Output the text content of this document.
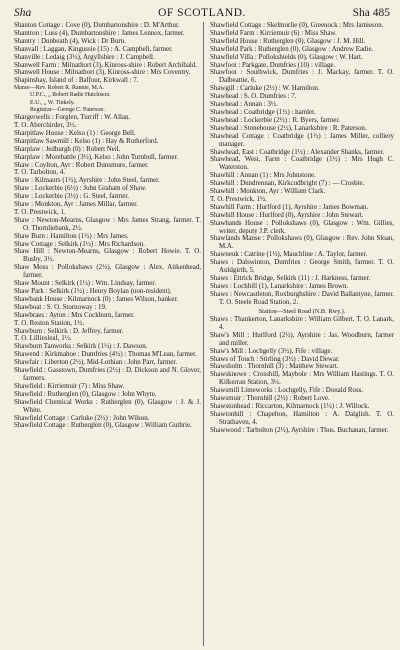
Sha	OF SCOTLAND.	Sha 485
Shanton Cottage : Cove (0), Dumbartonshire : D. M'Arthur.
Shantron : Luss (4), Dumbartonshire : James Lennox, farmer.
Shantry : Dunbeath (4), Wick : Dr Burn.
Shanvall : Laggan, Kingussie (15) : A. Campbell, farmer.
Shanville : Ledaig (3½), Argyllshire : J. Campbell.
Shanwell Farm : Milnathort (3), Kinross-shire : Robert Archibald.
Shanwell House : Milnathort (3), Kinross-shire : Mrs Coventry.
Shapinshay, Island of : Balfour, Kirkwall : 7.
Manse—Rev. Robert R. Rannie, M.A.
U.P.C., „ Robert Radie Hutchison.
E.U., „ W. Tinkely.
Registrar—George C. Paterson.
Shargerwells : Forglen, Turriff : W. Allan.
T. O. Aberchirder, 3½.
Sharpitlaw House : Kelso (1) : George Bell.
Sharpitlaw Sawmill : Kelso (1) : Hay & Rutherford.
Sharplaw : Jedburgh (0) : Robert Neil.
Sharplaw : Morebattle (3½), Kelso : John Turnbull, farmer.
Shaw : Coylton, Ayr : Robert Dunsmure, farmer.
T. O. Tarbolton, 4.
Shaw : Kilmaurs (1½), Ayrshire : John Steel, farmer.
Shaw : Lockerbie (6½) : John Graham of Shaw.
Shaw : Lockerbie (3½) : G. Steel, farmer.
Shaw : Monkton, Ayr : James Millar, farmer.
T. O. Prestwick, 1.
Shaw : Newton-Mearns, Glasgow : Mrs James Strang, farmer. T. O. Thornliebank, 2½.
Shaw Burn : Hamilton (1½) : Mrs James.
Shaw Cottage : Selkirk (1½) : Mrs Richardson.
Shaw Hill : Newton-Mearns, Glasgow : Robert Howie. T. O. Busby, 3½.
Shaw Moss : Pollokshaws (2½), Glasgow : Alex. Aitkenhead, farmer.
Shaw Mount : Selkirk (1½) : Wm. Lindsay, farmer.
Shaw Park : Selkirk (1½) : Henry Boylan (non-resident).
Shawbank House : Kilmarnock (0) : James Wilson, banker.
Shawboat : S. O. Stornoway : 19.
Shawbraes : Ayton : Mrs Cockburn, farmer.
T. O. Reston Station, 1½.
Shawburn : Selkirk : D. Jeffrey, farmer.
T. O. Lilliesleaf, 1½.
Shawburn Tanworks : Selkirk (1½) : J. Dawson.
Shawend : Kirkmahoe : Dumfries (4½) : Thomas M'Lean, farmer.
Shawfair : Liberton (2½), Mid-Lothian : John Parr, farmer.
Shawfield : Gasstown, Dumfries (2½) : D. Dickson and N. Glover, farmers.
Shawfield : Kirriemuir (7) : Miss Shaw.
Shawfield : Rutherglen (0), Glasgow : John Whyte.
Shawfield Chemical Works : Rutherglen (0), Glasgow : J. & J. White.
Shawfield Cottage : Carluke (2½) : John Wilson.
Shawfield Cottage : Rutherglen (0), Glasgow : William Guthrie.
Shawfield Cottage : Skelmorlie (0), Greenock : Mrs Jamieson.
Shawfield Farm : Kirriemuir (6) : Miss Shaw.
Shawfield House : Rutherglen (0), Glasgow : J. M. Hill.
Shawfield Park : Rutherglen (0), Glasgow : Andrew Eadie.
Shawfield Villa : Pollokshields (0), Glasgow : W. Hart.
Shawfoot : Parkgate, Dumfries (10) : village.
Shawfoot : Southwick, Dumfries : J. Mackay, farmer. T. O. Dalbeattie, 6.
Shawgill : Carluke (2½) : W. Hamilton.
Shawhead : S. O. Dumfries : 7.
Shawhead : Annan : 3½.
Shawhead : Coatbridge (1½) : hamlet.
Shawhead : Lockerbie (2½) : R. Byers, farmer.
Shawhead : Stonehouse (2½), Lanarkshire : R. Paterson.
Shawhead Cottage : Coatbridge (1½) : James Miller, colliery manager.
Shawhead, East : Coatbridge (1½) : Alexander Shanks, farmer.
Shawhead, West, Farm : Coatbridge (1½) : Mrs Hugh C. Waterston.
Shawhill : Annan (1) : Mrs Johnstone.
Shawhill : Dundrennan, Kirkcudbright (7) : — Crosbie.
Shawhill : Monkton, Ayr : William Clark.
T. O. Prestwick, 1½.
Shawhill Farm : Hurlford (1), Ayrshire : James Bowman.
Shawhill House : Hurlford (0), Ayrshire : John Stewart.
Shawhands House : Pollokshaws (0), Glasgow : Wm. Gillies, writer, deputy J.P. clerk.
Shawlands Manse : Pollokshaws (0), Glasgow : Rev. John Sloan, M.A.
Shawneuk : Catrine (1½), Mauchline : A. Taylor, farmer.
Shaws : Dalswinton, Dumfries : George Smith, farmer. T. O. Auldgirth, 5.
Shaws : Ettrick Bridge, Selkirk (11) : J. Harkness, farmer.
Shaws : Lochhill (1), Lanarkshire : James Brown.
Shaws : Newcastleton, Roxburghshire : David Ballantyne, farmer. T. O. Steele Road Station, 2.
Station—Steel Road (N.B. Rwy.).
Shaws : Thankerton, Lanarkshire : William Gilbert. T. O. Lanark, 4.
Shaw's Mill : Hurlford (2½), Ayrshire : Jas. Woodburn, farmer and miller.
Shaw's Mill : Lochgelly (3½), Fife : village.
Shaws of Touch : Stirling (3½) : David Dewar.
Shawsholm : Thornhill (3) : Matthew Stewart.
Shawsknowe : Crosshill, Maybole : Mrs William Hastings. T. O. Kilkerran Station, 3½.
Shawsmill Limeworks : Lochgelly, Fife : Donald Ross.
Shawsmuir : Thornhill (2½) : Robert Love.
Shawstonhead : Riccarton, Kilmarnock (1½) : J. Willock.
Shawtonhill : Chapelton, Hamilton : A. Dalglish. T. O. Strathaven, 4.
Shawwood : Tarbolton (2½), Ayrshire : Thos. Buchanan, farmer.
